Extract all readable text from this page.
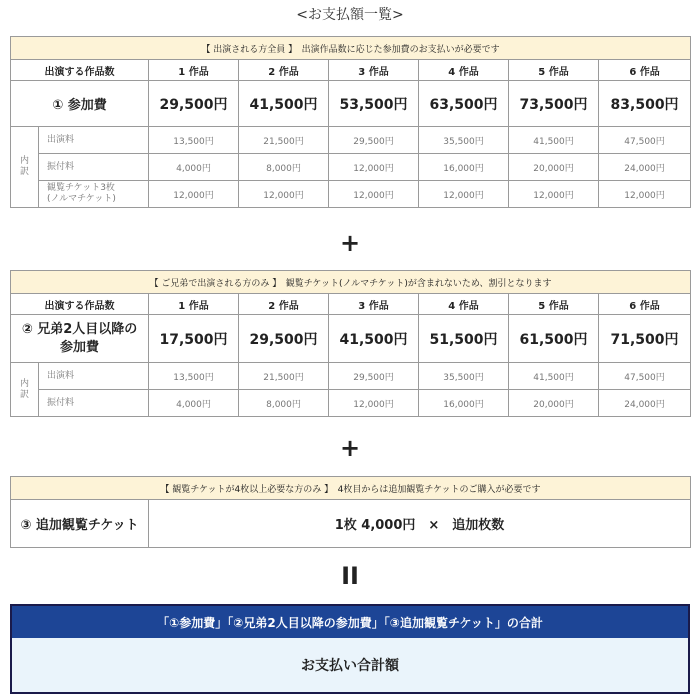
<お支払額一覧>
【 出演される方全員 】　出演作品数に応じた参加費のお支払いが必要です							
出演する作品数		1 作品	2 作品	3 作品	4 作品	5 作品	6 作品
① 参加費		29,500円	41,500円	53,500円	63,500円	73,500円	83,500円
内
訳	出演料	13,500円	21,500円	29,500円	35,500円	41,500円	47,500円
	振付料	4,000円	8,000円	12,000円	16,000円	20,000円	24,000円
	観覧チケット3枚
(ノルマチケット)	12,000円	12,000円	12,000円	12,000円	12,000円	12,000円
+
【 ご兄弟で出演される方のみ 】　観覧チケット(ノルマチケット)が含まれないため、割引となります							
出演する作品数		1 作品	2 作品	3 作品	4 作品	5 作品	6 作品
② 兄弟2人目以降の
参加費		17,500円	29,500円	41,500円	51,500円	61,500円	71,500円
内
訳	出演料	13,500円	21,500円	29,500円	35,500円	41,500円	47,500円
	振付料	4,000円	8,000円	12,000円	16,000円	20,000円	24,000円
+
【 観覧チケットが4枚以上必要な方のみ 】　4枚目からは追加観覧チケットのご購入が必要です
③ 追加観覧チケット	1枚 4,000円　×　追加枚数
II
「①参加費」「②兄弟2人目以降の参加費」「③追加観覧チケット」の合計
お支払い合計額
